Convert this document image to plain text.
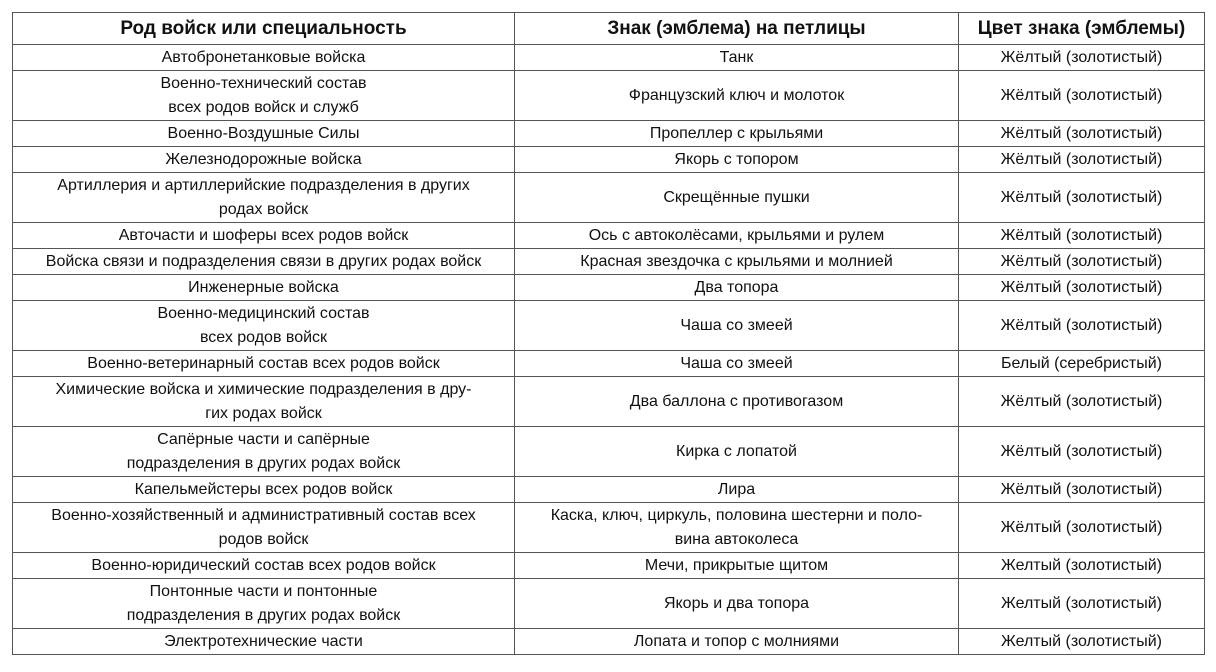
Род войск или специальность	Знак (эмблема) на петлицы	Цвет знака (эмблемы)

Автобронетанковые войска	Танк	Жёлтый (золотистый)

Военно-технический состав
всех родов войск и служб	Французский ключ и молоток	Жёлтый (золотистый)

Военно-Воздушные Силы	Пропеллер с крыльями	Жёлтый (золотистый)

Железнодорожные войска	Якорь с топором	Жёлтый (золотистый)

Артиллерия и артиллерийские подразделения в других
родах войск	Скрещённые пушки	Жёлтый (золотистый)

Авточасти и шоферы всех родов войск	Ось с автоколёсами, крыльями и рулем	Жёлтый (золотистый)

Войска связи и подразделения связи в других родах войск	Красная звездочка с крыльями и молнией	Жёлтый (золотистый)

Инженерные войска	Два топора	Жёлтый (золотистый)

Военно-медицинский состав
всех родов войск	Чаша со змеей	Жёлтый (золотистый)

Военно-ветеринарный состав всех родов войск	Чаша со змеей	Белый (серебристый)

Химические войска и химические подразделения в дру-
гих родах войск	Два баллона с противогазом	Жёлтый (золотистый)

Сапёрные части и сапёрные
подразделения в других родах войск	Кирка с лопатой	Жёлтый (золотистый)

Капельмейстеры всех родов войск	Лира	Жёлтый (золотистый)

Военно-хозяйственный и административный состав всех
родов войск	Каска, ключ, циркуль, половина шестерни и поло-
вина автоколеса	Жёлтый (золотистый)

Военно-юридический состав всех родов войск	Мечи, прикрытые щитом	Желтый (золотистый)

Понтонные части и понтонные
подразделения в других родах войск	Якорь и два топора	Желтый (золотистый)

Электротехнические части	Лопата и топор с молниями	Желтый (золотистый)
